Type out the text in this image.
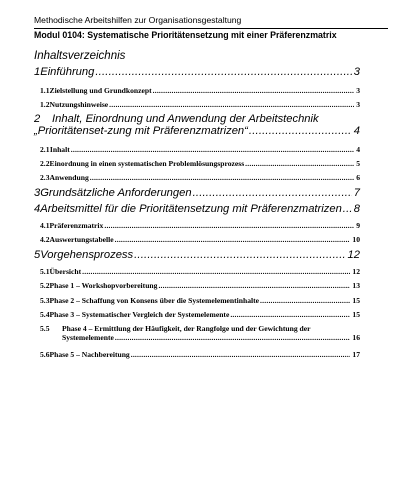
Methodische Arbeitshilfen zur Organisationsgestaltung
Modul 0104: Systematische Prioritätensetzung mit einer Präferenzmatrix
Inhaltsverzeichnis
1 Einführung .....	3
1.1 Zielstellung und Grundkonzept .....	3
1.2 Nutzungshinweise .....	3
2 Inhalt, Einordnung und Anwendung der Arbeitstechnik
„Prioritätenset-zung mit Präferenzmatrizen“ .....	4
2.1 Inhalt .....	4
2.2 Einordnung in einen systematischen Problemlösungsprozess .....	5
2.3 Anwendung .....	6
3 Grundsätzliche Anforderungen .....	7
4 Arbeitsmittel für die Prioritätensetzung mit Präferenzmatrizen ..... 8
4.1 Präferenzmatrix .....	9
4.2 Auswertungstabelle .....	10
5 Vorgehensprozess .....	12
5.1 Übersicht .....	12
5.2 Phase 1 – Workshopvorbereitung .....	13
5.3 Phase 2 – Schaffung von Konsens über die Systemelementinhalte .....	15
5.4 Phase 3 – Systematischer Vergleich der Systemelemente .....	15
5.5	Phase 4 – Ermittlung der Häufigkeit, der Rangfolge und der Gewichtung der
Systemelemente .....	16
5.6 Phase 5 – Nachbereitung .....	17
